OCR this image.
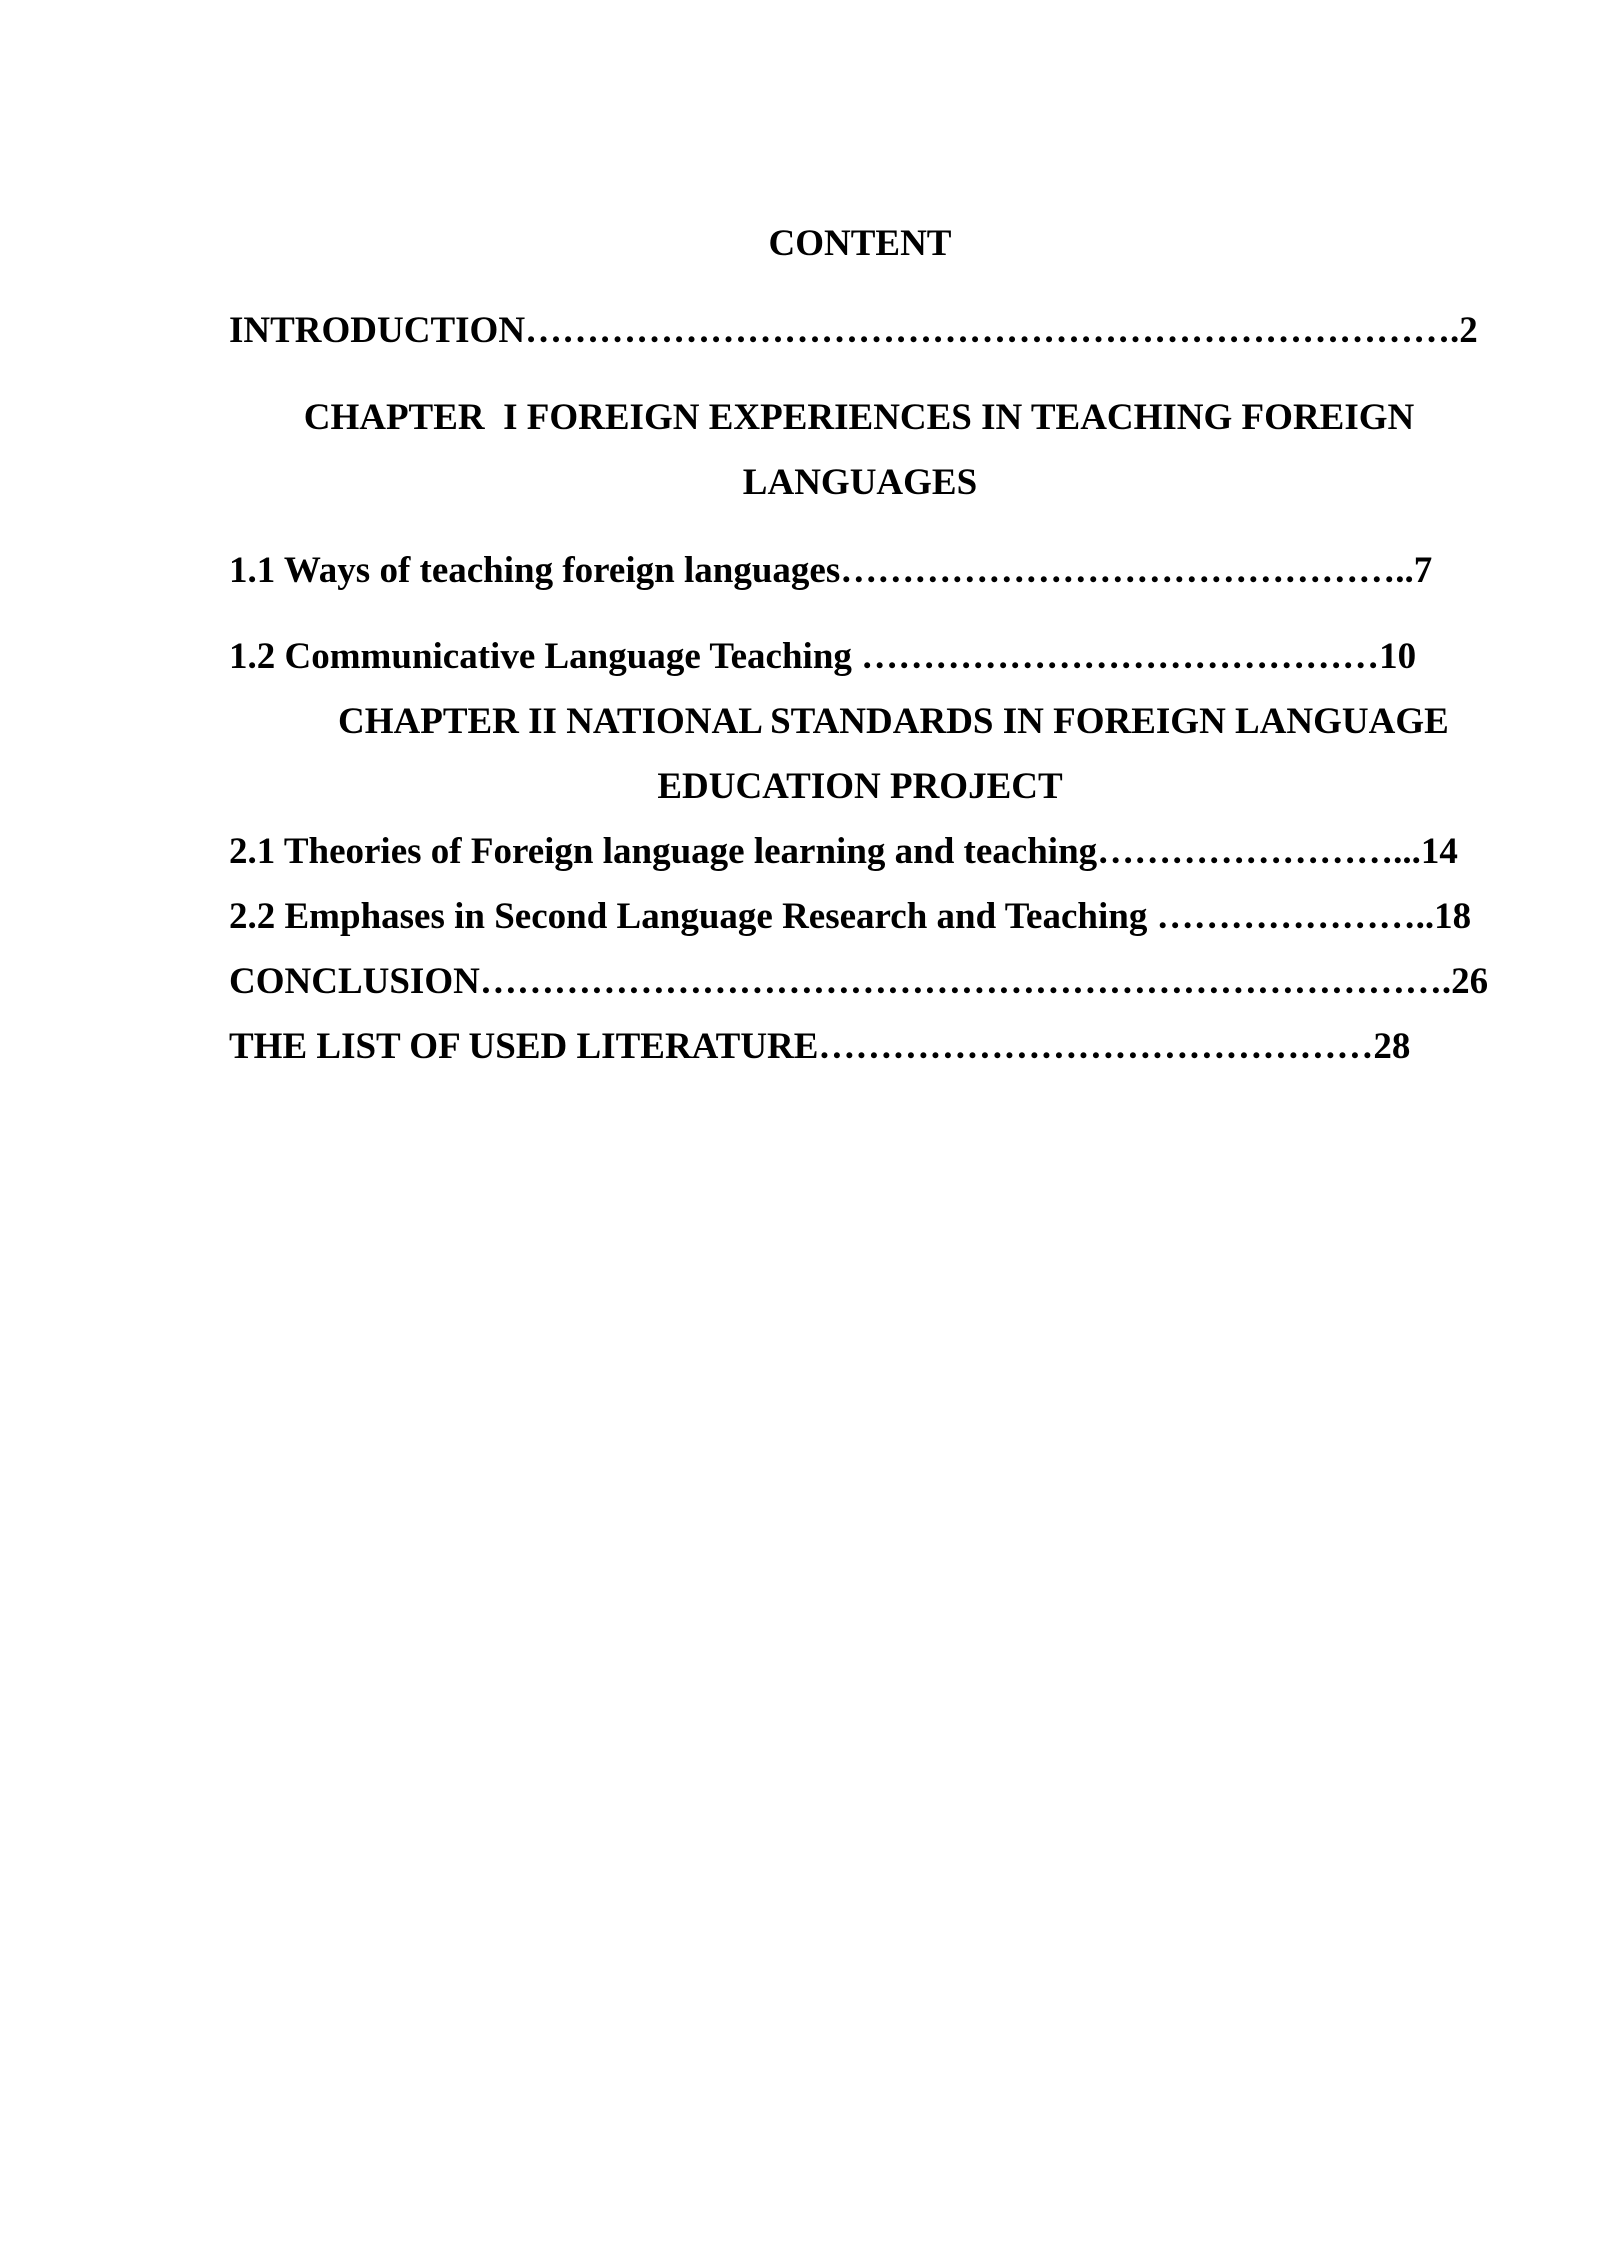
CONTENT
INTRODUCTION………………………………………………………………….2
CHAPTER  I FOREIGN EXPERIENCES IN TEACHING FOREIGN
LANGUAGES
1.1 Ways of teaching foreign languages………………………………………..7
1.2 Communicative Language Teaching ……………………………………10
CHAPTER II NATIONAL STANDARDS IN FOREIGN LANGUAGE
EDUCATION PROJECT
2.1 Theories of Foreign language learning and teaching……………………...14
2.2 Emphases in Second Language Research and Teaching …………………..18
CONCLUSION…………………………………………………………………….26
THE LIST OF USED LITERATURE………………………………………28
